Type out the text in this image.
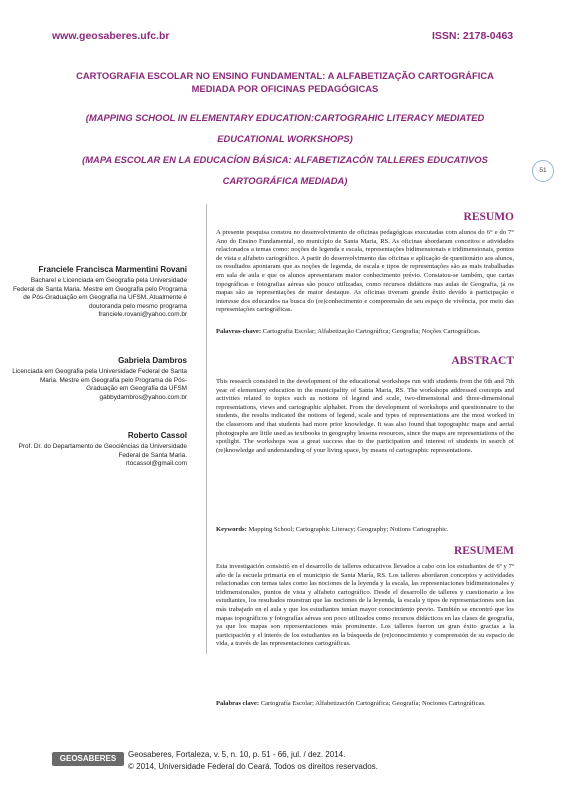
www.geosaberes.ufc.br	ISSN: 2178-0463
CARTOGRAFIA ESCOLAR NO ENSINO FUNDAMENTAL: A ALFABETIZAÇÃO CARTOGRÁFICA MEDIADA POR OFICINAS PEDAGÓGICAS
(MAPPING SCHOOL IN ELEMENTARY EDUCATION:CARTOGRAHIC LITERACY MEDIATED EDUCATIONAL WORKSHOPS)
(MAPA ESCOLAR EN LA EDUCACÍON BÁSICA: ALFABETIZACÓN TALLERES EDUCATIVOS CARTOGRÁFICA MEDIADA)
51
Franciele Francisca Marmentini Rovani
Bacharel e Licenciada em Geografia pela Universidade Federal de Santa Maria. Mestre em Geografia pelo Programa de Pós-Graduação em Geografia na UFSM. Atualmente é doutoranda pelo mesmo programa
franciele.rovani@yahoo.com.br
Gabriela Dambros
Licenciada em Geografia pela Universidade Federal de Santa Maria. Mestre em Geografia pelo Programa de Pós-Graduação em Geografia da UFSM
gabbydambros@yahoo.com.br
Roberto Cassol
Prof. Dr. do Departamento de Geociências da Universidade Federal de Santa Maria.
rtocassol@gmail.com
RESUMO
A presente pesquisa constou no desenvolvimento de oficinas pedagógicas executadas com alunos do 6° e do 7° Ano do Ensino Fundamental, no município de Santa Maria, RS. As oficinas abordaram conceitos e atividades relacionados a temas como: noções de legenda e escala, representações bidimensionais e tridimensionais, pontos de vista e alfabeto cartográfico. A partir do desenvolvimento das oficinas e aplicação de questionário aos alunos, os resultados apontaram que as noções de legenda, de escala e tipos de representações são as mais trabalhadas em sala de aula e que os alunos apresentaram maior conhecimento prévio. Constatou-se também, que cartas topográficas e fotografias aéreas são pouco utilizadas, como recursos didáticos nas aulas de Geografia, já os mapas são as representações de maior destaque. As oficinas tiveram grande êxito devido à participação e interesse dos educandos na busca do (re)conhecimento e compreensão de seu espaço de vivência, por meio das representações cartográficas.
Palavras-chave: Cartografia Escolar; Alfabetização Cartográfica; Geografia; Noções Cartográficas.
ABSTRACT
This research consisted in the development of the educational workshops run with students from the 6th and 7th year of elementary education in the municipality of Santa Maria, RS. The workshops addressed concepts and activities related to topics such as notions of legend and scale, two-dimensional and three-dimensional representations, views and cartographic alphabet. From the development of workshops and questionnaire to the students, the results indicated the notions of legend, scale and types of representations are the most worked in the classroom and that students had more prior knowledge. It was also found that topographic maps and aerial photographs are little used as textbooks in geography lessons resources, since the maps are representations of the spotlight. The workshops was a great success due to the participation and interest of students in search of (re)knowledge and understanding of your living space, by means of cartographic representations.
Keywords: Mapping School; Cartographic Literacy; Geography; Notions Cartographic.
RESUMEM
Esta investigación consistió en el desarrollo de talleres educativos llevados a cabo con los estudiantes de 6º y 7º año de la escuela primaria en el municipio de Santa María, RS. Los talleres abordaron conceptos y actividades relacionadas con temas tales como las nociones de la leyenda y la escala, las representaciones bidimensionales y tridimensionales, puntos de vista y alfabeto cartográfico. Desde el desarrollo de talleres y cuestionario a los estudiantes, los resultados muestran que las nociones de la leyenda, la escala y tipos de representaciones son las más trabajado en el aula y que los estudiantes tenían mayor conocimiento previo. También se encontró que los mapas topográficos y fotografías aéreas son poco utilizados como recursos didácticos en las clases de geografía, ya que los mapas son representaciones más prominente. Los talleres fueron un gran éxito gracias a la participación y el interés de los estudiantes en la búsqueda de (re)conocimiento y comprensión de su espacio de vida, a través de las representaciones cartográficas.
Palabras clave: Cartografía Escolar; Alfabetización Cartográfica; Geografía; Nociones Cartográficas.
GEOSABERES	Geosaberes, Fortaleza, v. 5, n. 10, p. 51 - 66, jul. / dez. 2014.
© 2014, Universidade Federal do Ceará. Todos os direitos reservados.
